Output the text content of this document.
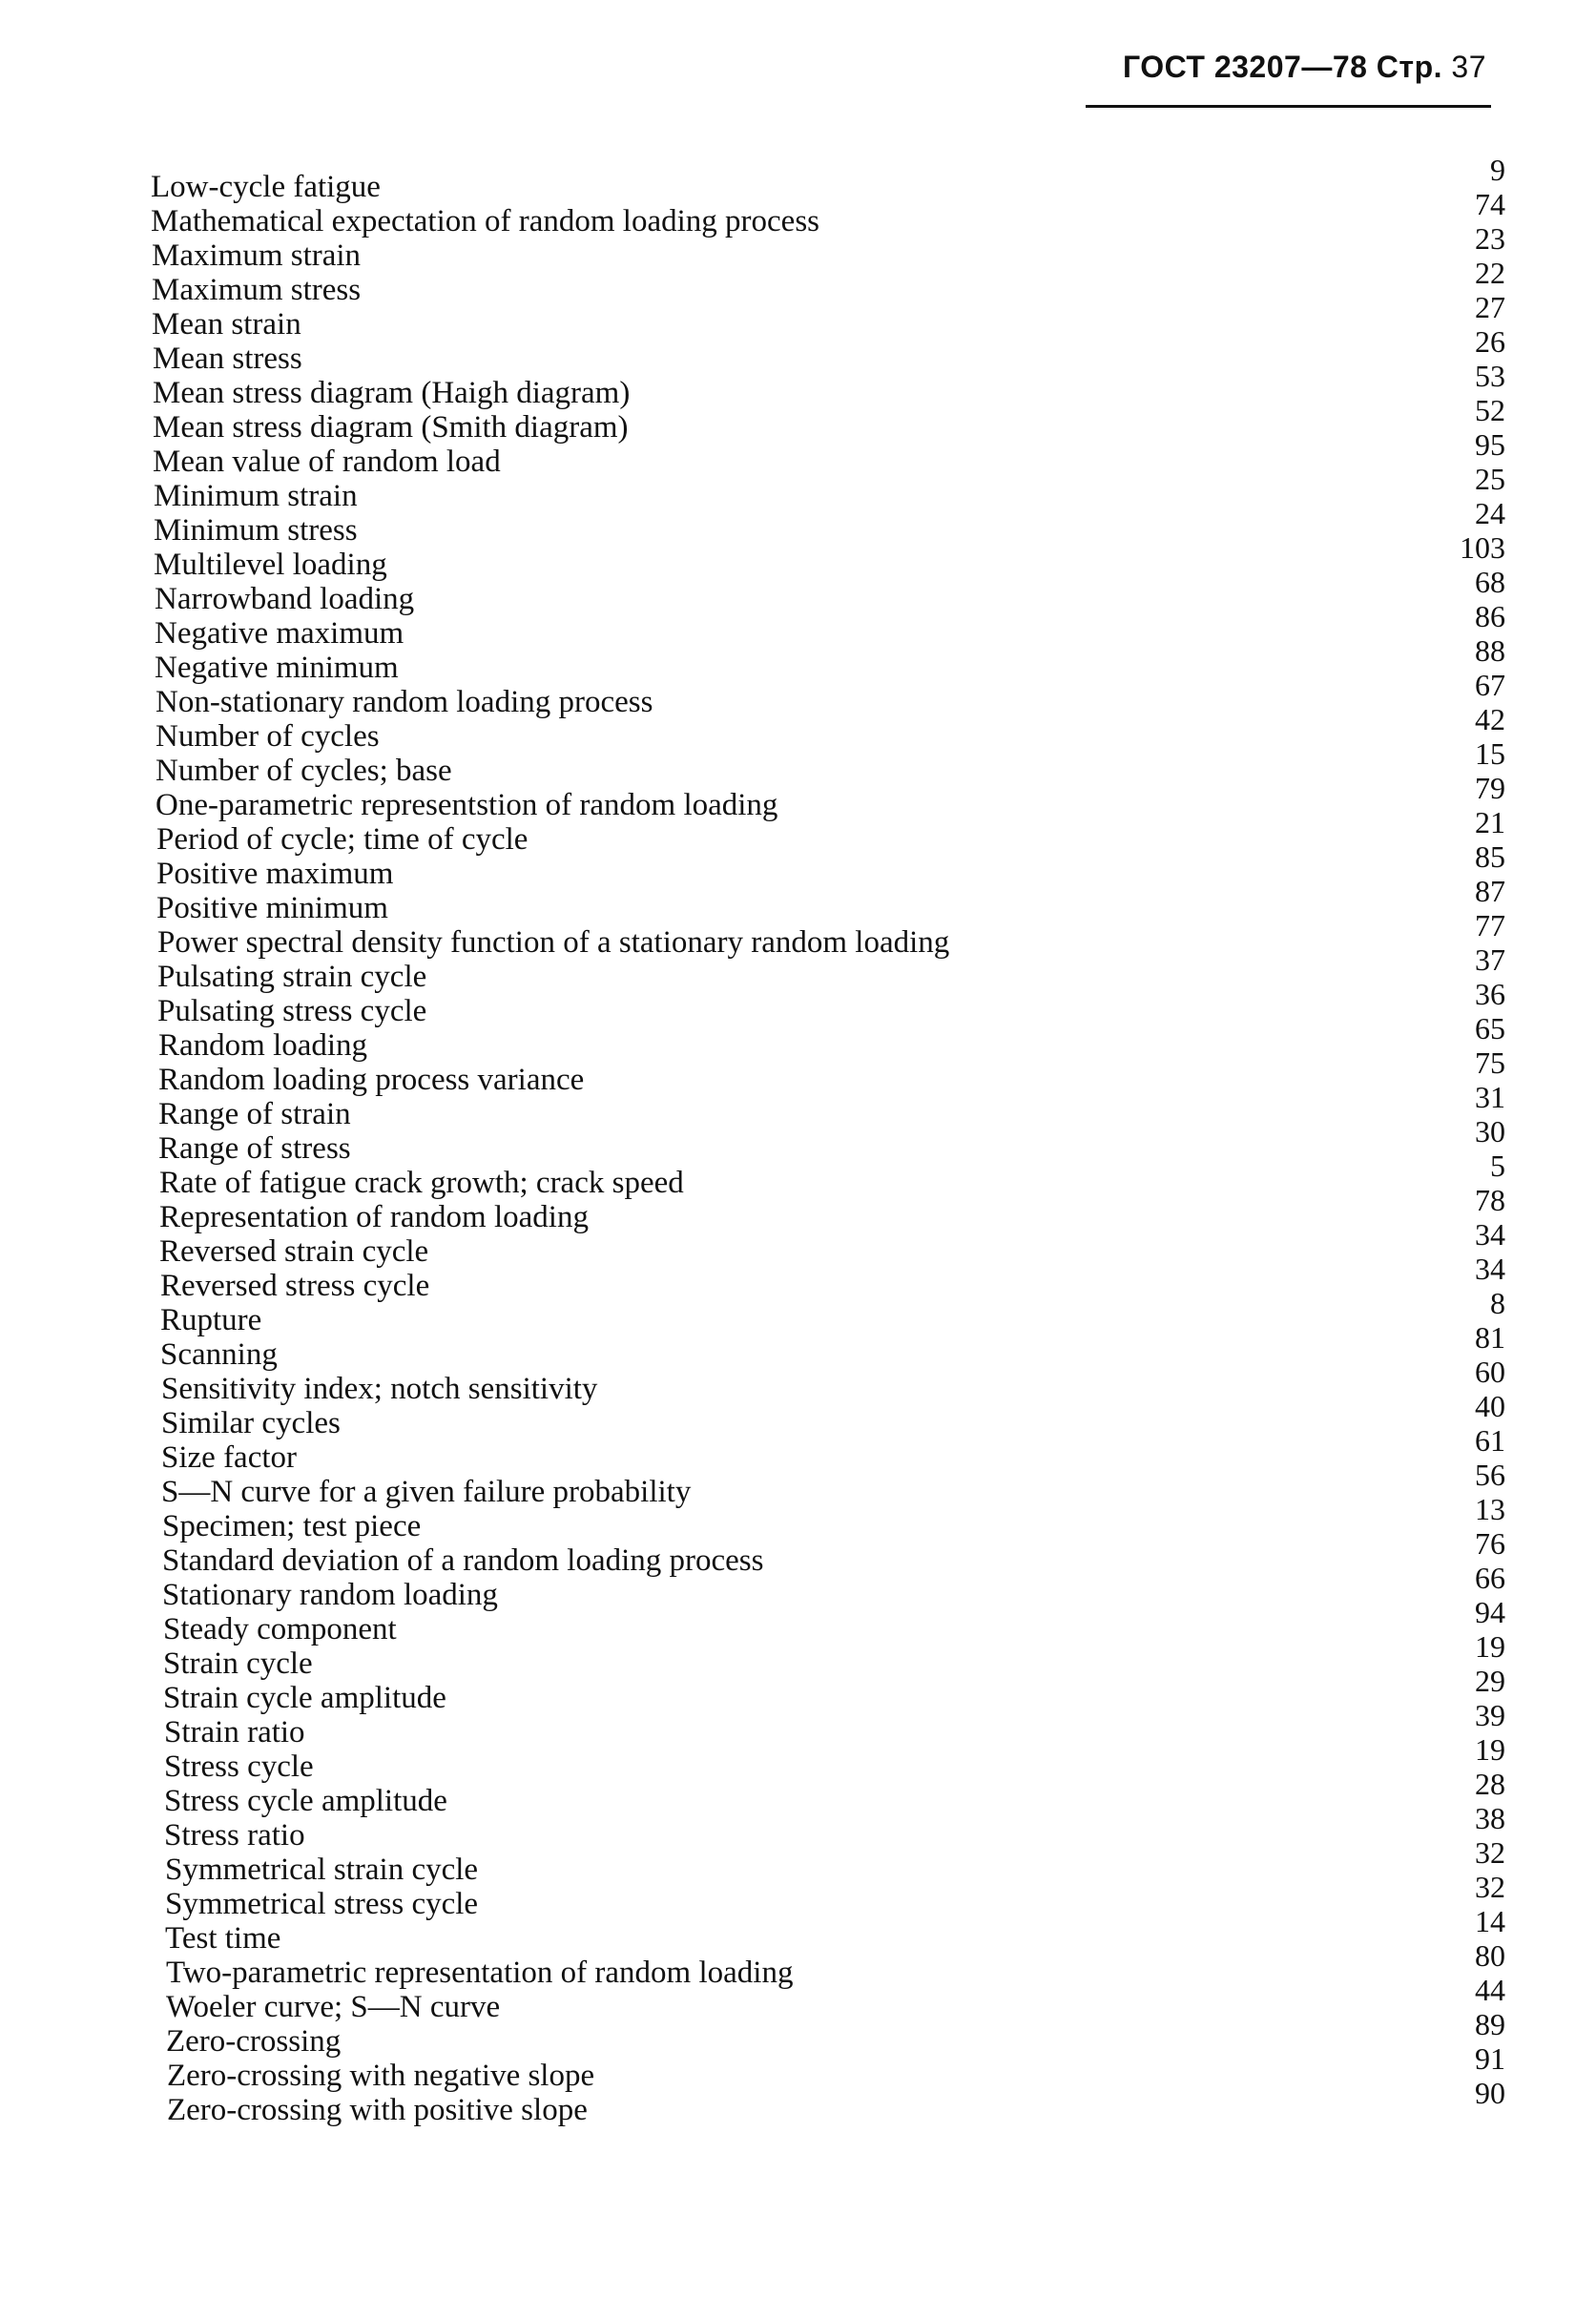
ГОСТ 23207—78 Стр. 37
Low-cycle fatigue	9
Mathematical expectation of random loading process	74
Maximum strain	23
Maximum stress	22
Mean strain	27
Mean stress	26
Mean stress diagram (Haigh diagram)	53
Mean stress diagram (Smith diagram)	52
Mean value of random load	95
Minimum strain	25
Minimum stress	24
Multilevel loading	103
Narrowband loading	68
Negative maximum	86
Negative minimum	88
Non-stationary random loading process	67
Number of cycles	42
Number of cycles; base	15
One-parametric representstion of random loading	79
Period of cycle; time of cycle	21
Positive maximum	85
Positive minimum	87
Power spectral density function of a stationary random loading	77
Pulsating strain cycle	37
Pulsating stress cycle	36
Random loading	65
Random loading process variance	75
Range of strain	31
Range of stress	30
Rate of fatigue crack growth; crack speed	5
Representation of random loading	78
Reversed strain cycle	34
Reversed stress cycle	34
Rupture	8
Scanning	81
Sensitivity index; notch sensitivity	60
Similar cycles	40
Size factor	61
S—N curve for a given failure probability	56
Specimen; test piece	13
Standard deviation of a random loading process	76
Stationary random loading	66
Steady component	94
Strain cycle	19
Strain cycle amplitude	29
Strain ratio	39
Stress cycle	19
Stress cycle amplitude	28
Stress ratio	38
Symmetrical strain cycle	32
Symmetrical stress cycle	32
Test time	14
Two-parametric representation of random loading	80
Woeler curve; S—N curve	44
Zero-crossing	89
Zero-crossing with negative slope	91
Zero-crossing with positive slope	90
